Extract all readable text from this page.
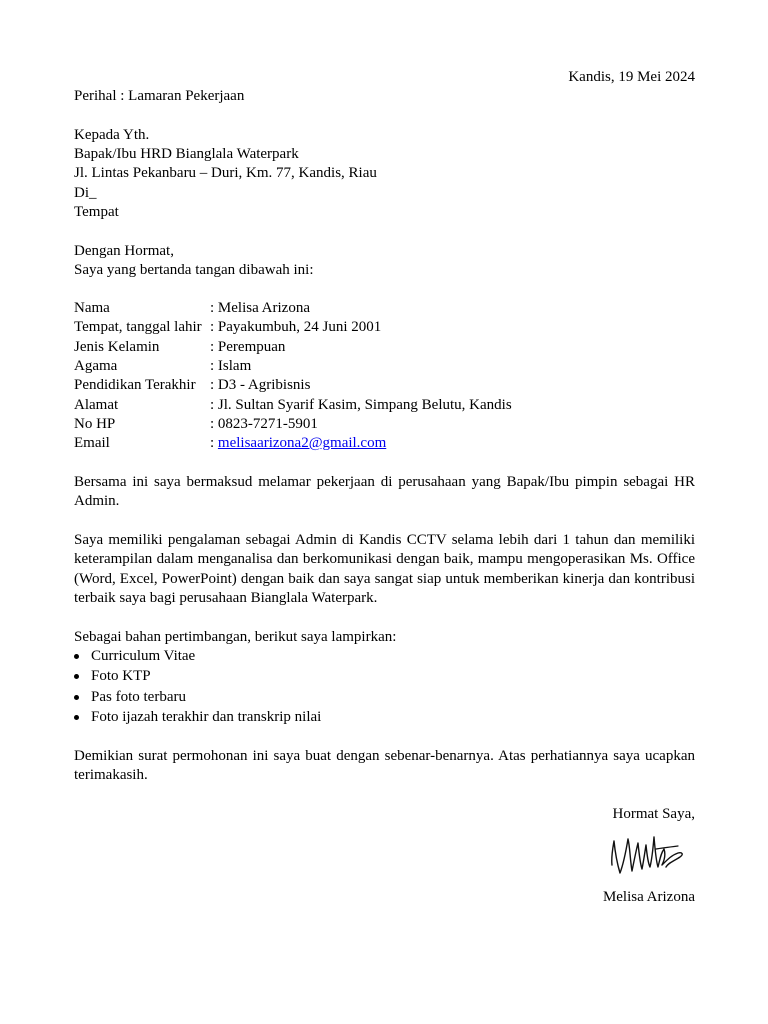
Kandis, 19 Mei 2024
Perihal : Lamaran Pekerjaan
Kepada Yth.
Bapak/Ibu HRD Bianglala Waterpark
Jl. Lintas Pekanbaru – Duri, Km. 77, Kandis, Riau
Di_
Tempat
Dengan Hormat,
Saya yang bertanda tangan dibawah ini:
Nama	: Melisa Arizona
Tempat, tanggal lahir : Payakumbuh, 24 Juni 2001
Jenis Kelamin	: Perempuan
Agama	: Islam
Pendidikan Terakhir : D3 - Agribisnis
Alamat	: Jl. Sultan Syarif Kasim, Simpang Belutu, Kandis
No HP	: 0823-7271-5901
Email	: melisaarizona2@gmail.com
Bersama ini saya bermaksud melamar pekerjaan di perusahaan yang Bapak/Ibu pimpin sebagai HR Admin.
Saya memiliki pengalaman sebagai Admin di Kandis CCTV selama lebih dari 1 tahun dan memiliki keterampilan dalam menganalisa dan berkomunikasi dengan baik, mampu mengoperasikan Ms. Office (Word, Excel, PowerPoint) dengan baik dan saya sangat siap untuk memberikan kinerja dan kontribusi terbaik saya bagi perusahaan Bianglala Waterpark.
Sebagai bahan pertimbangan, berikut saya lampirkan:
Curriculum Vitae
Foto KTP
Pas foto terbaru
Foto ijazah terakhir dan transkrip nilai
Demikian surat permohonan ini saya buat dengan sebenar-benarnya. Atas perhatiannya saya ucapkan terimakasih.
Hormat Saya,
Melisa Arizona
